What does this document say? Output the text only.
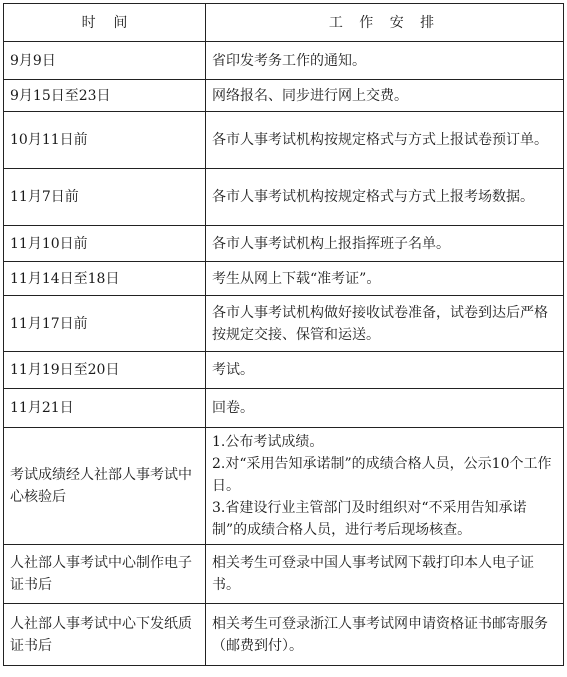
时    间	工 作 安 排
9月9日	省印发考务工作的通知。
9月15日至23日	网络报名、同步进行网上交费。
10月11日前	各市人事考试机构按规定格式与方式上报试卷预订单。
11月7日前	各市人事考试机构按规定格式与方式上报考场数据。
11月10日前	各市人事考试机构上报指挥班子名单。
11月14日至18日	考生从网上下载“准考证”。
11月17日前	各市人事考试机构做好接收试卷准备，试卷到达后严格按规定交接、保管和运送。
11月19日至20日	考试。
11月21日	回卷。
考试成绩经人社部人事考试中心核验后	1.公布考试成绩。
2.对“采用告知承诺制”的成绩合格人员，公示10个工作日。
3.省建设行业主管部门及时组织对“不采用告知承诺制”的成绩合格人员，进行考后现场核查。

人社部人事考试中心制作电子证书后	相关考生可登录中国人事考试网下载打印本人电子证书。
人社部人事考试中心下发纸质证书后	相关考生可登录浙江人事考试网申请资格证书邮寄服务（邮费到付）。
